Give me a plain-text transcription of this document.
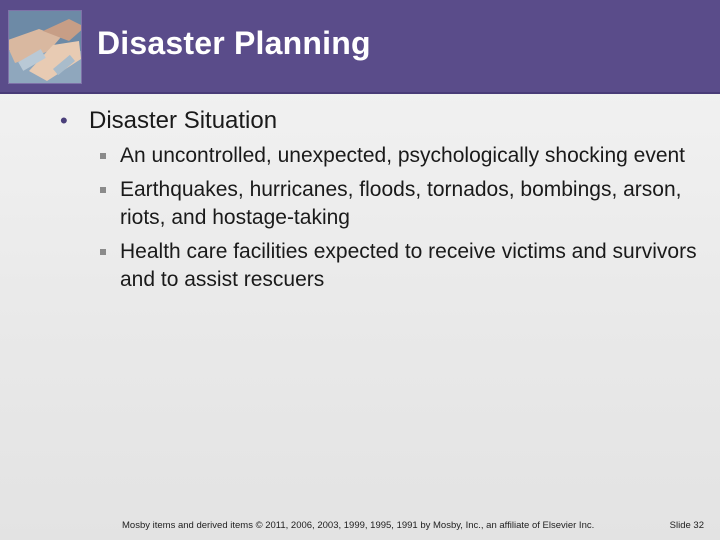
Disaster Planning
• Disaster Situation
An uncontrolled, unexpected, psychologically shocking event
Earthquakes, hurricanes, floods, tornados, bombings, arson, riots, and hostage-taking
Health care facilities expected to receive victims and survivors and to assist rescuers
Mosby items and derived items © 2011, 2006, 2003, 1999, 1995, 1991 by Mosby, Inc., an affiliate of Elsevier Inc.	Slide 32
